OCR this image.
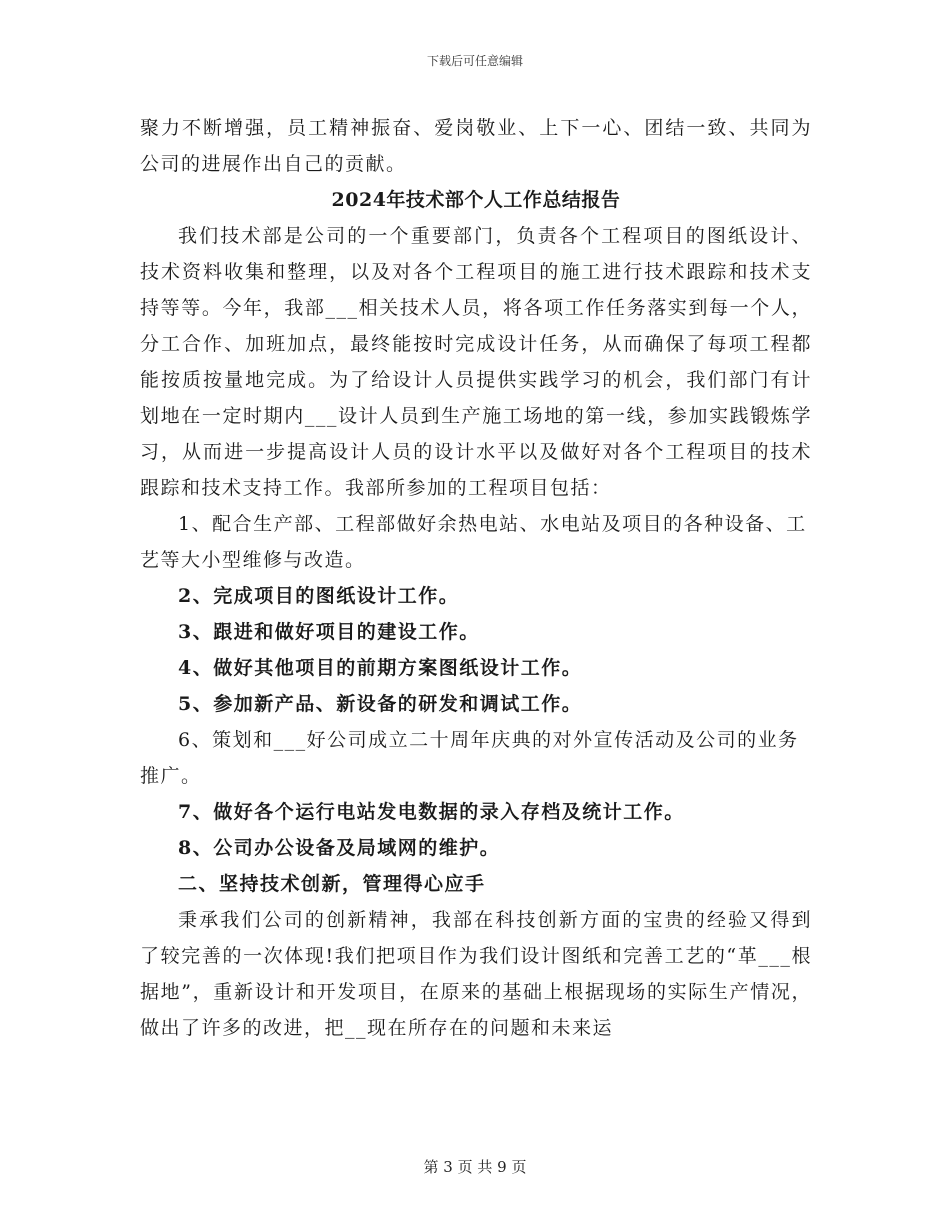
下载后可任意编辑

聚力不断增强，员工精神振奋、爱岗敬业、上下一心、团结一致、共同为公司的进展作出自己的贡献。

2024年技术部个人工作总结报告

我们技术部是公司的一个重要部门，负责各个工程项目的图纸设计、技术资料收集和整理，以及对各个工程项目的施工进行技术跟踪和技术支持等等。今年，我部___相关技术人员，将各项工作任务落实到每一个人，分工合作、加班加点，最终能按时完成设计任务，从而确保了每项工程都能按质按量地完成。为了给设计人员提供实践学习的机会，我们部门有计划地在一定时期内___设计人员到生产施工场地的第一线，参加实践锻炼学习，从而进一步提高设计人员的设计水平以及做好对各个工程项目的技术跟踪和技术支持工作。我部所参加的工程项目包括：

1、配合生产部、工程部做好余热电站、水电站及项目的各种设备、工艺等大小型维修与改造。

2、完成项目的图纸设计工作。

3、跟进和做好项目的建设工作。

4、做好其他项目的前期方案图纸设计工作。

5、参加新产品、新设备的研发和调试工作。

6、策划和___好公司成立二十周年庆典的对外宣传活动及公司的业务推广。

7、做好各个运行电站发电数据的录入存档及统计工作。

8、公司办公设备及局域网的维护。

二、坚持技术创新，管理得心应手

秉承我们公司的创新精神，我部在科技创新方面的宝贵的经验又得到了较完善的一次体现!我们把项目作为我们设计图纸和完善工艺的“革___根据地”，重新设计和开发项目，在原来的基础上根据现场的实际生产情况，做出了许多的改进，把__现在所存在的问题和未来运

第 3 页 共 9 页
